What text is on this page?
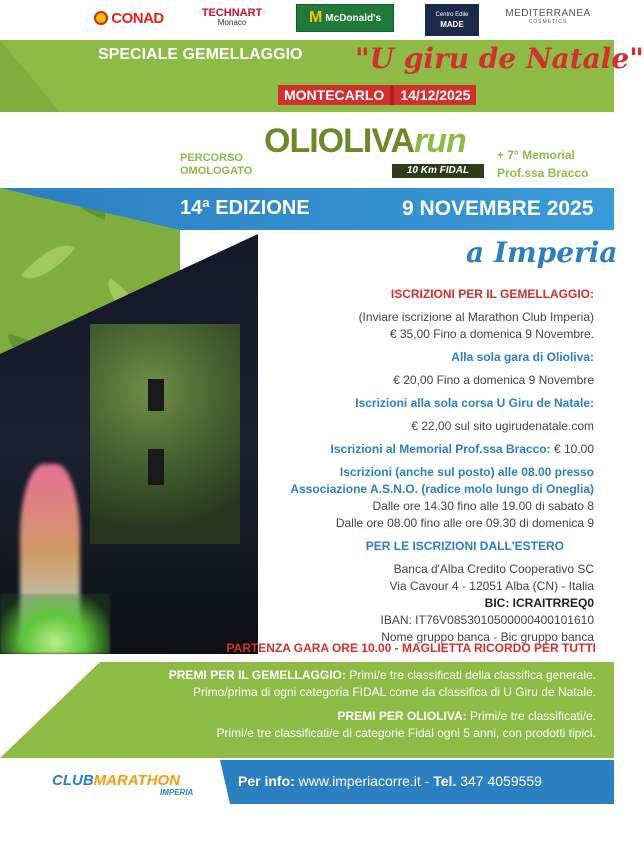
CONAD	TECHNART
Monaco	M McDonald's	Centro Edile
MADE
MEDITERRANEA
COSMETICS
SPECIALE GEMELLAGGIO "U giru de Natale"
MONTECARLO	14/12/2025
PERCORSO OMOLOGATO
OLIOLIVArun
10 Km FIDAL
+ 7° Memorial
Prof.ssa Bracco
14ª EDIZIONE	9 NOVEMBRE 2025
a Imperia
ISCRIZIONI PER IL GEMELLAGGIO:
(Inviare iscrizione al Marathon Club Imperia)
€ 35,00 Fino a domenica 9 Novembre.
Alla sola gara di Olioliva:
€ 20,00 Fino a domenica 9 Novembre
Iscrizioni alla sola corsa U Giru de Natale:
€ 22,00 sul sito ugirudenatale.com
Iscrizioni al Memorial Prof.ssa Bracco: € 10,00
Iscrizioni (anche sul posto) alle 08.00 presso
Associazione A.S.N.O. (radice molo lungo di Oneglia)
Dalle ore 14.30 fino alle 19.00 di sabato 8
Dalle ore 08.00 fino alle ore 09.30 di domenica 9
PER LE ISCRIZIONI DALL'ESTERO
Banca d'Alba Credito Cooperativo SC
Via Cavour 4 - 12051 Alba (CN) - Italia
BIC: ICRAITRREQ0
IBAN: IT76V0853010500000400101610
Nome gruppo banca - Bic gruppo banca
PARTENZA GARA ORE 10.00 - MAGLIETTA RICORDO PER TUTTI
PREMI PER IL GEMELLAGGIO: Primi/e tre classificati della classifica generale.
Primo/prima di ogni categoria FIDAL come da classifica di U Giru de Natale.
PREMI PER OLIOLIVA: Primi/e tre classificati/e.
Primi/e tre classificati/e di categorie Fidal ogni 5 anni, con prodotti tipici.
CLUBMARATHON
IMPERIA
Per info: www.imperiacorre.it - Tel. 347 4059559
